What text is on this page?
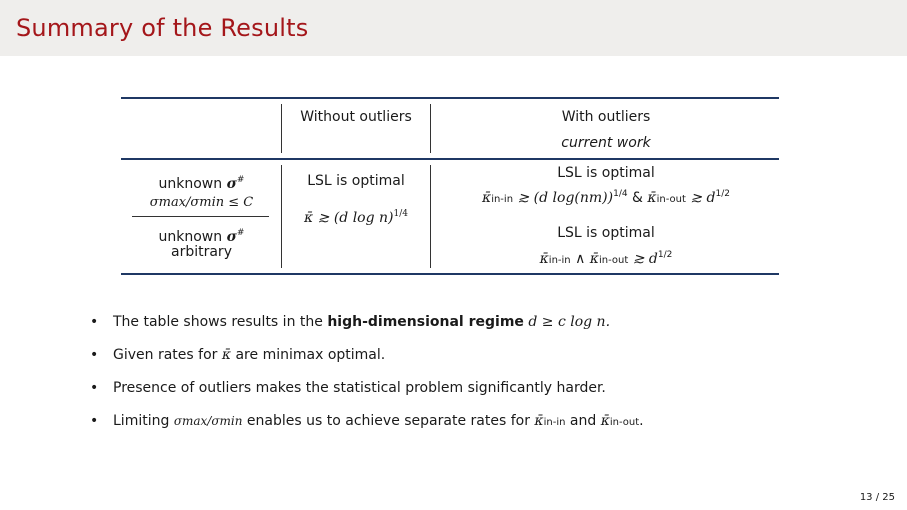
Summary of the Results
Without outliers	With outliers
current work
unknown σ#
σmax/σmin ≤ C
unknown σ#
arbitrary
LSL is optimal
κ̄ ≳ (d log n)$^{1/4}$
LSL is optimal
κ̄in-in ≳ (d log(nm))$^{1/4}$ & κ̄in-out ≳ $d^{1/2}$
LSL is optimal
κ̄in-in ∧ κ̄in-out ≳ $d^{1/2}$
• The table shows results in the high-dimensional regime d ≥ c log n.
• Given rates for κ̄ are minimax optimal.
• Presence of outliers makes the statistical problem significantly harder.
• Limiting σmax/σmin enables us to achieve separate rates for κ̄in-in and κ̄in-out.
13 / 25
